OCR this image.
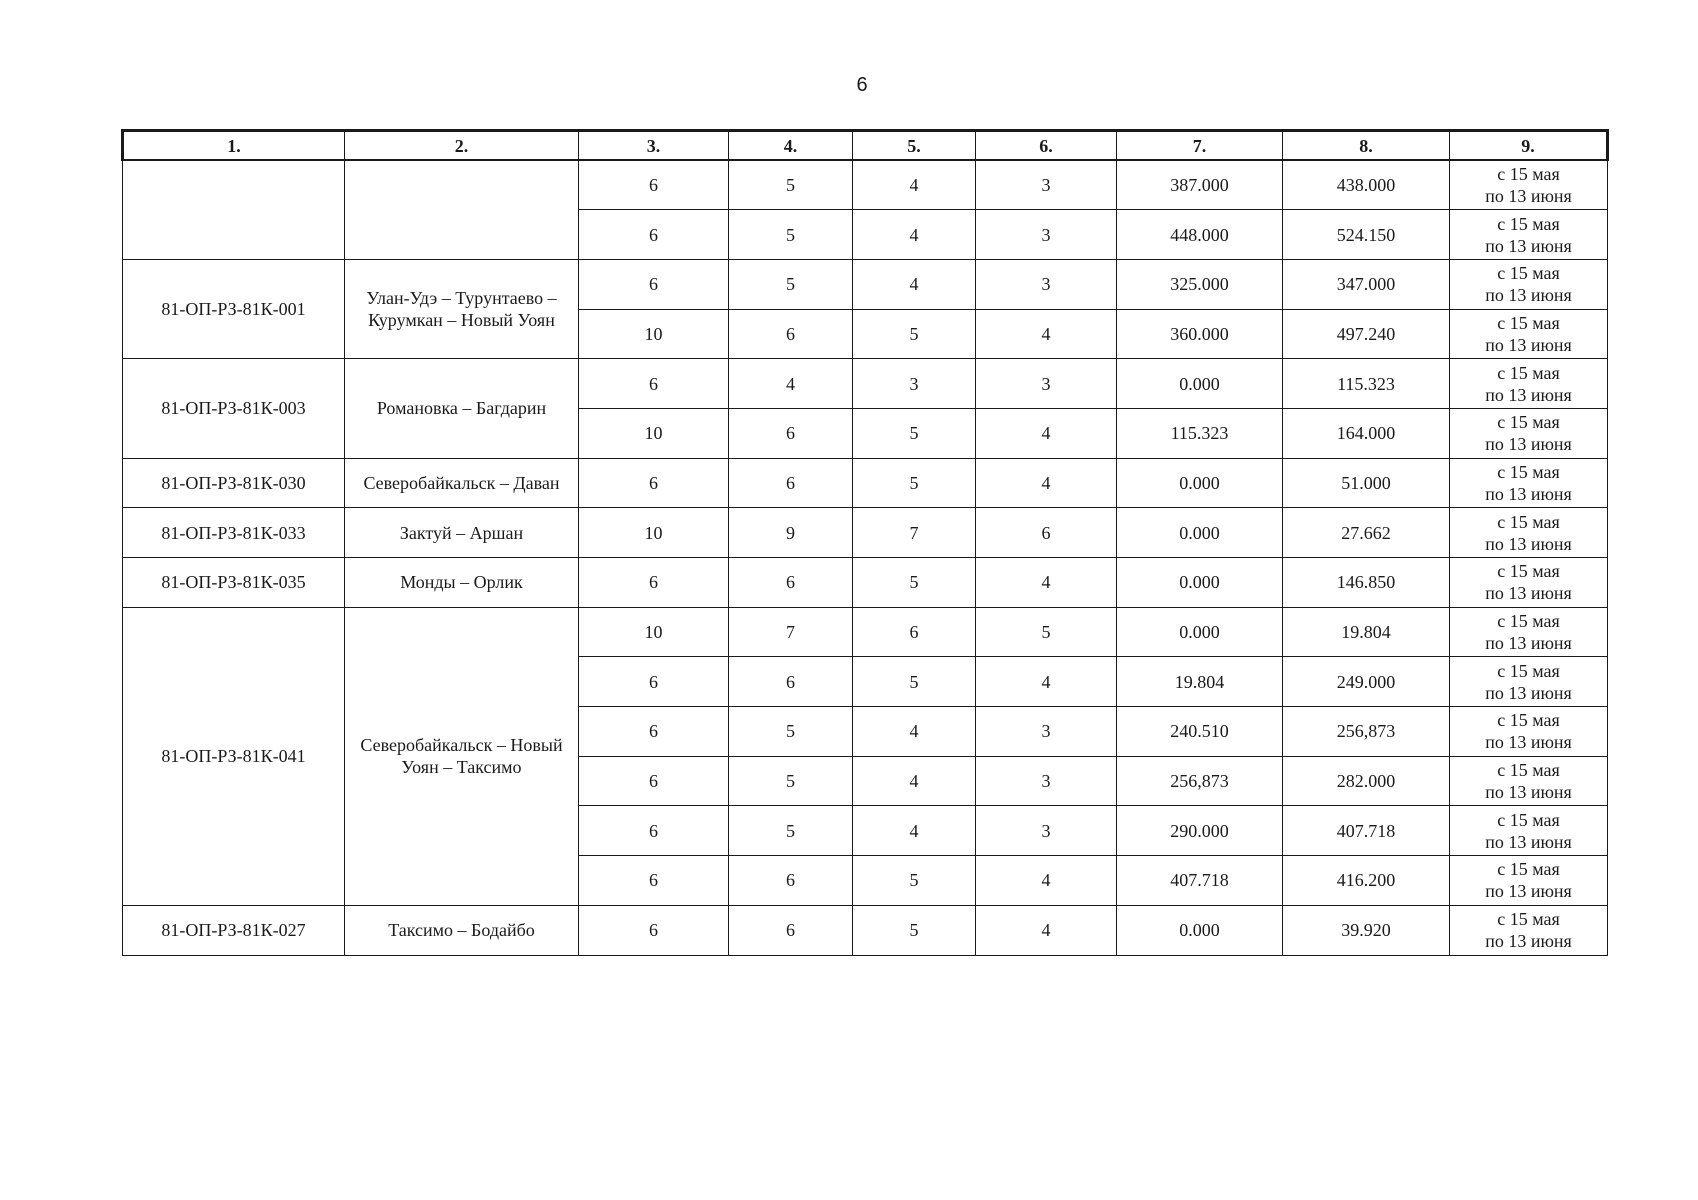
6
1.	2.	3.	4.	5.	6.	7.	8.	9.
		6	5	4	3	387.000	438.000	с 15 мая
по 13 июня

		6	5	4	3	448.000	524.150	с 15 мая
по 13 июня

81-ОП-РЗ-81К-001	Улан-Удэ – Турунтаево – Курумкан – Новый Уоян	6	5	4	3	325.000	347.000	с 15 мая
по 13 июня

		10	6	5	4	360.000	497.240	с 15 мая
по 13 июня

81-ОП-РЗ-81К-003	Романовка – Багдарин	6	4	3	3	0.000	115.323	с 15 мая
по 13 июня

		10	6	5	4	115.323	164.000	с 15 мая
по 13 июня

81-ОП-РЗ-81К-030	Северобайкальск – Даван	6	6	5	4	0.000	51.000	с 15 мая
по 13 июня

81-ОП-РЗ-81К-033	Зактуй – Аршан	10	9	7	6	0.000	27.662	с 15 мая
по 13 июня

81-ОП-РЗ-81К-035	Монды – Орлик	6	6	5	4	0.000	146.850	с 15 мая
по 13 июня

81-ОП-РЗ-81К-041	Северобайкальск – Новый Уоян – Таксимо	10	7	6	5	0.000	19.804	с 15 мая
по 13 июня

		6	6	5	4	19.804	249.000	с 15 мая
по 13 июня

		6	5	4	3	240.510	256,873	с 15 мая
по 13 июня

		6	5	4	3	256,873	282.000	с 15 мая
по 13 июня

		6	5	4	3	290.000	407.718	с 15 мая
по 13 июня

		6	6	5	4	407.718	416.200	с 15 мая
по 13 июня

81-ОП-РЗ-81К-027	Таксимо – Бодайбо	6	6	5	4	0.000	39.920	с 15 мая
по 13 июня
